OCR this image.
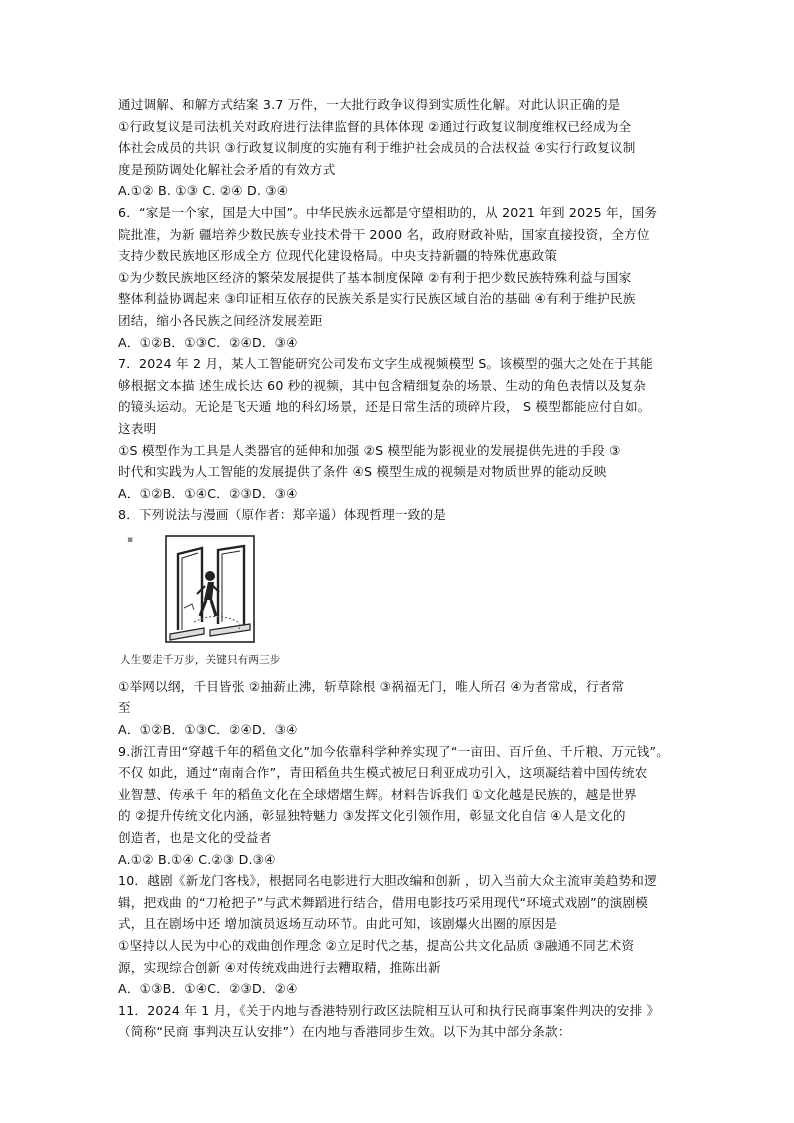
通过调解、和解方式结案 3.7 万件，一大批行政争议得到实质性化解。对此认识正确的是
①行政复议是司法机关对政府进行法律监督的具体体现 ②通过行政复议制度维权已经成为全
体社会成员的共识 ③行政复议制度的实施有利于维护社会成员的合法权益 ④实行行政复议制
度是预防调处化解社会矛盾的有效方式
A.①② B. ①③ C. ②④ D. ③④
6．“家是一个家，国是大中国”。中华民族永远都是守望相助的，从 2021 年到 2025 年，国务
院批准，为新 疆培养少数民族专业技术骨干 2000 名，政府财政补贴，国家直接投资，全方位
支持少数民族地区形成全方 位现代化建设格局。中央支持新疆的特殊优惠政策
①为少数民族地区经济的繁荣发展提供了基本制度保障 ②有利于把少数民族特殊利益与国家
整体利益协调起来 ③印证相互依存的民族关系是实行民族区域自治的基础 ④有利于维护民族
团结，缩小各民族之间经济发展差距
A．①②B．①③C．②④D．③④
7．2024 年 2 月，某人工智能研究公司发布文字生成视频模型 S。该模型的强大之处在于其能
够根据文本描 述生成长达 60 秒的视频，其中包含精细复杂的场景、生动的角色表情以及复杂
的镜头运动。无论是飞天遁 地的科幻场景，还是日常生活的琐碎片段， S 模型都能应付自如。
这表明
①S 模型作为工具是人类器官的延伸和加强 ②S 模型能为影视业的发展提供先进的手段 ③
时代和实践为人工智能的发展提供了条件 ④S 模型生成的视频是对物质世界的能动反映
A．①②B．①④C．②③D．③④
8．下列说法与漫画（原作者：郑辛遥）体现哲理一致的是
▪
人生要走千万步，关键只有两三步
①举网以纲，千目皆张 ②抽薪止沸，斩草除根 ③祸福无门，唯人所召 ④为者常成，行者常
至
A．①②B．①③C．②④D．③④
9.浙江青田“穿越千年的稻鱼文化”加今依靠科学种养实现了“一亩田、百斤鱼、千斤粮、万元钱”。
不仅 如此，通过“南南合作”，青田稻鱼共生模式被尼日利亚成功引入，这项凝结着中国传统农
业智慧、传承千 年的稻鱼文化在全球熠熠生辉。材料告诉我们 ①文化越是民族的，越是世界
的 ②提升传统文化内涵，彰显独特魅力 ③发挥文化引领作用，彰显文化自信 ④人是文化的
创造者，也是文化的受益者
A.①② B.①④ C.②③ D.③④
10．越剧《新龙门客栈》，根据同名电影进行大胆改编和创新 ，切入当前大众主流审美趋势和逻
辑，把戏曲 的“刀枪把子”与武术舞蹈进行结合，借用电影技巧采用现代“环境式戏剧”的演剧模
式，且在剧场中还 增加演员返场互动环节。由此可知，该剧爆火出圈的原因是
①坚持以人民为中心的戏曲创作理念 ②立足时代之基，提高公共文化品质 ③融通不同艺术资
源，实现综合创新 ④对传统戏曲进行去糟取精，推陈出新
A．①③B．①④C．②③D．②④
11．2024 年 1 月，《关于内地与香港特别行政区法院相互认可和执行民商事案件判决的安排 》
（简称“民商 事判决互认安排”）在内地与香港同步生效。以下为其中部分条款：
